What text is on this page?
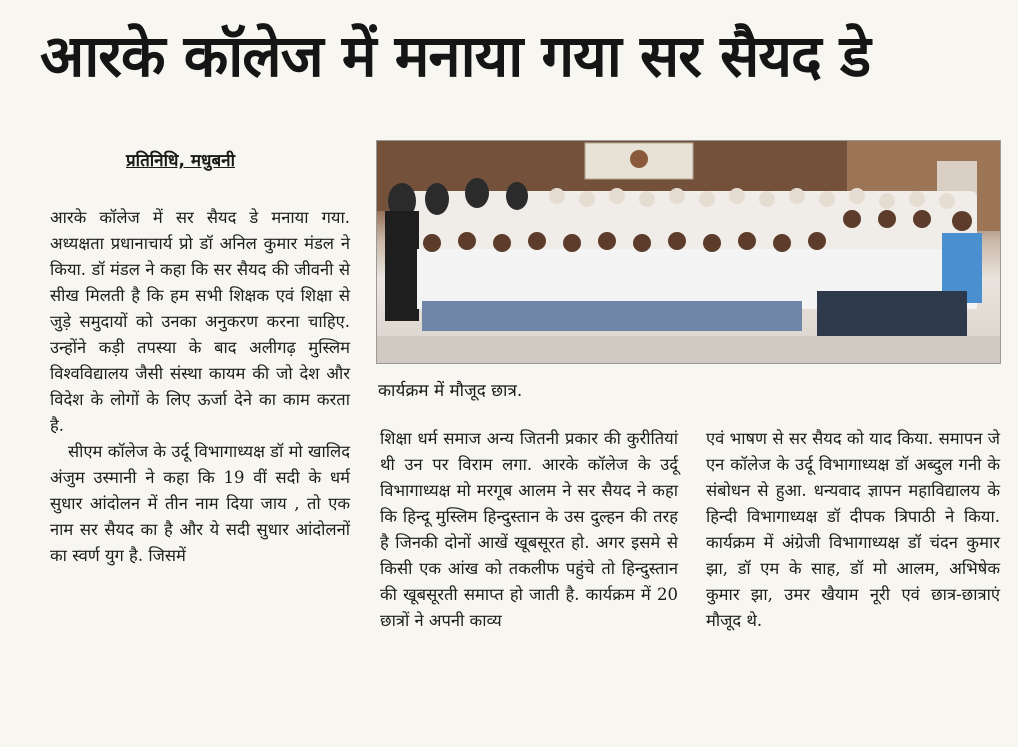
आरके कॉलेज में मनाया गया सर सैयद डे
प्रतिनिधि, मधुबनी

आरके कॉलेज में सर सैयद डे मनाया गया. अध्यक्षता प्रधानाचार्य प्रो डॉ अनिल कुमार मंडल ने किया. डॉ मंडल ने कहा कि सर सैयद की जीवनी से सीख मिलती है कि हम सभी शिक्षक एवं शिक्षा से जुड़े समुदायों को उनका अनुकरण करना चाहिए. उन्होंने कड़ी तपस्या के बाद अलीगढ़ मुस्लिम विश्वविद्यालय जैसी संस्था कायम की जो देश और विदेश के लोगों के लिए ऊर्जा देने का काम करता है.

सीएम कॉलेज के उर्दू विभागाध्यक्ष डॉ मो खालिद अंजुम उस्मानी ने कहा कि 19 वीं सदी के धर्म सुधार आंदोलन में तीन नाम दिया जाय , तो एक नाम सर सैयद का है और ये सदी सुधार आंदोलनों का स्वर्ण युग है. जिसमें

कार्यक्रम में मौजूद छात्र.

शिक्षा धर्म समाज अन्य जितनी प्रकार की कुरीतियां थी उन पर विराम लगा. आरके कॉलेज के उर्दू विभागाध्यक्ष मो मरगूब आलम ने सर सैयद ने कहा कि हिन्दू मुस्लिम हिन्दुस्तान के उस दुल्हन की तरह है जिनकी दोनों आखें खूबसूरत हो. अगर इसमे से किसी एक आंख को तकलीफ पहुंचे तो हिन्दुस्तान की खूबसूरती समाप्त हो जाती है. कार्यक्रम में 20 छात्रों ने अपनी काव्य

एवं भाषण से सर सैयद को याद किया. समापन जे एन कॉलेज के उर्दू विभागाध्यक्ष डॉ अब्दुल गनी के संबोधन से हुआ. धन्यवाद ज्ञापन महाविद्यालय के हिन्दी विभागाध्यक्ष डॉ दीपक त्रिपाठी ने किया. कार्यक्रम में अंग्रेजी विभागाध्यक्ष डॉ चंदन कुमार झा, डॉ एम के साह, डॉ मो आलम, अभिषेक कुमार झा, उमर खैयाम नूरी एवं छात्र-छात्राएं मौजूद थे.
